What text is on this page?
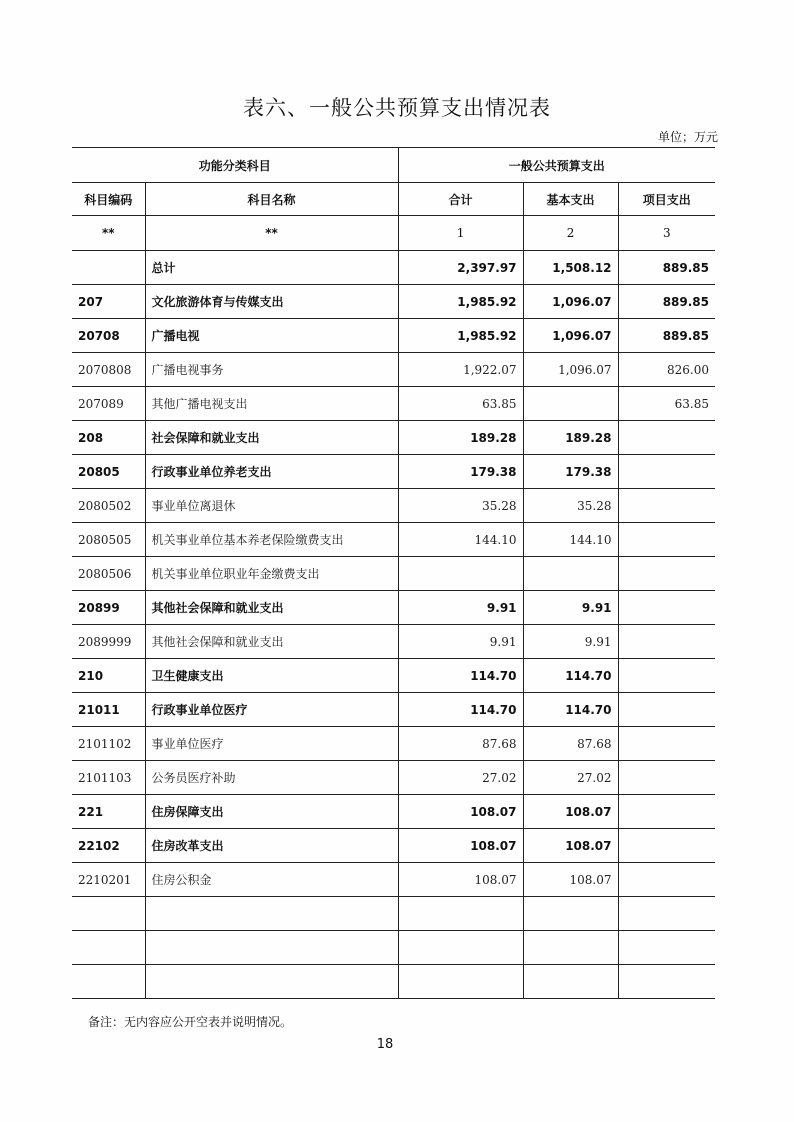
表六、一般公共预算支出情况表
单位；万元
功能分类科目		一般公共预算支出		
科目编码	科目名称	合计	基本支出	项目支出
**	**	1	2	3
	总计	2,397.97	1,508.12	889.85
207	文化旅游体育与传媒支出	1,985.92	1,096.07	889.85
20708	广播电视	1,985.92	1,096.07	889.85
2070808	广播电视事务	1,922.07	1,096.07	826.00
207089	其他广播电视支出	63.85		63.85
208	社会保障和就业支出	189.28	189.28	
20805	行政事业单位养老支出	179.38	179.38	
2080502	事业单位离退休	35.28	35.28	
2080505	机关事业单位基本养老保险缴费支出	144.10	144.10	
2080506	机关事业单位职业年金缴费支出			
20899	其他社会保障和就业支出	9.91	9.91	
2089999	其他社会保障和就业支出	9.91	9.91	
210	卫生健康支出	114.70	114.70	
21011	行政事业单位医疗	114.70	114.70	
2101102	事业单位医疗	87.68	87.68	
2101103	公务员医疗补助	27.02	27.02	
221	住房保障支出	108.07	108.07	
22102	住房改革支出	108.07	108.07	
2210201	住房公积金	108.07	108.07	

备注：无内容应公开空表并说明情况。
18
